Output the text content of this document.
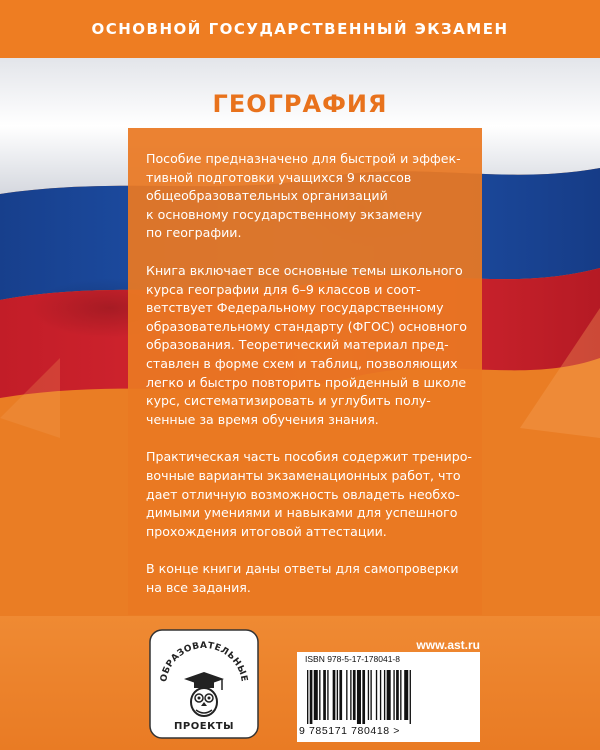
ОСНОВНОЙ ГОСУДАРСТВЕННЫЙ ЭКЗАМЕН
ГЕОГРАФИЯ

Пособие предназначено для быстрой и эффек-
тивной подготовки учащихся 9 классов
общеобразовательных организаций
к основному государственному экзамену
по географии.

Книга включает все основные темы школьного
курса географии для 6–9 классов и соот-
ветствует Федеральному государственному
образовательному стандарту (ФГОС) основного
образования. Теоретический материал пред-
ставлен в форме схем и таблиц, позволяющих
легко и быстро повторить пройденный в школе
курс, систематизировать и углубить полу-
ченные за время обучения знания.

Практическая часть пособия содержит трениро-
вочные варианты экзаменационных работ, что
дает отличную возможность овладеть необхо-
димыми умениями и навыками для успешного
прохождения итоговой аттестации.

В конце книги даны ответы для самопроверки
на все задания.

ОБРАЗОВАТЕЛЬНЫЕ
ПРОЕКТЫ
www.ast.ru
ISBN 978-5-17-178041-8
9 785171 780418 >
